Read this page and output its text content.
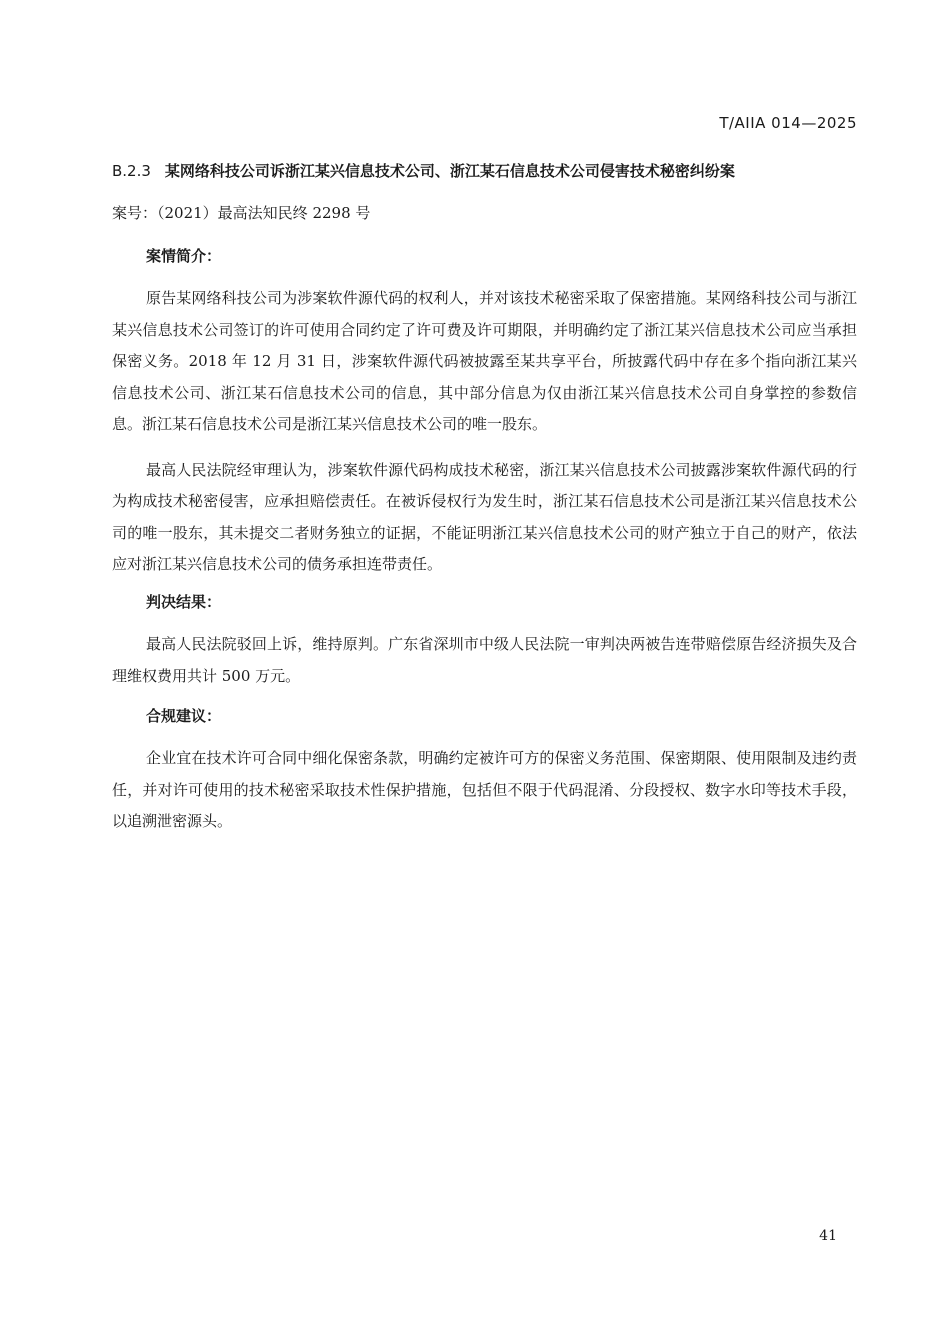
T/AIIA 014—2025
B.2.3 某网络科技公司诉浙江某兴信息技术公司、浙江某石信息技术公司侵害技术秘密纠纷案
案号：（2021）最高法知民终 2298 号
案情简介：

原告某网络科技公司为涉案软件源代码的权利人，并对该技术秘密采取了保密措施。某网络科技公司与浙江某兴信息技术公司签订的许可使用合同约定了许可费及许可期限，并明确约定了浙江某兴信息技术公司应当承担保密义务。2018 年 12 月 31 日，涉案软件源代码被披露至某共享平台，所披露代码中存在多个指向浙江某兴信息技术公司、浙江某石信息技术公司的信息，其中部分信息为仅由浙江某兴信息技术公司自身掌控的参数信息。浙江某石信息技术公司是浙江某兴信息技术公司的唯一股东。

最高人民法院经审理认为，涉案软件源代码构成技术秘密，浙江某兴信息技术公司披露涉案软件源代码的行为构成技术秘密侵害，应承担赔偿责任。在被诉侵权行为发生时，浙江某石信息技术公司是浙江某兴信息技术公司的唯一股东，其未提交二者财务独立的证据，不能证明浙江某兴信息技术公司的财产独立于自己的财产，依法应对浙江某兴信息技术公司的债务承担连带责任。

判决结果：

最高人民法院驳回上诉，维持原判。广东省深圳市中级人民法院一审判决两被告连带赔偿原告经济损失及合理维权费用共计 500 万元。

合规建议：

企业宜在技术许可合同中细化保密条款，明确约定被许可方的保密义务范围、保密期限、使用限制及违约责任，并对许可使用的技术秘密采取技术性保护措施，包括但不限于代码混淆、分段授权、数字水印等技术手段，以追溯泄密源头。

41
